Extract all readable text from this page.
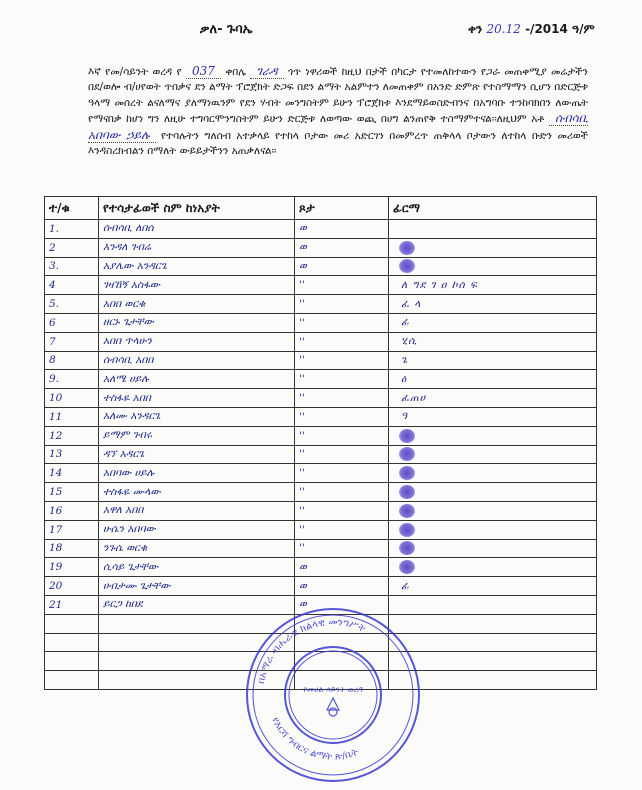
ቃለ- ጉባኤ	ቀን 20.12 -/2014 ዓ/ም
እኛ የመ/ሳይንት ወረዳ የ 037 ቀበሌ ገራዳ ጎጥ ነዋሪወች ከዚህ በታች በካርታ የተመለከተውን የጋራ መጠቀሚያ መሬታችን በደ/ወሎ ብ/ሀየወት ጥበቃና ደን ልማት ፕሮጀክት ድጋፍ በደን ልማት አልምተን ለመጠቀም በአንድ ድምጽ የተስማማን ሲሆን በድርጅቱ ዓላማ መሰረት ልናለማና ያለማነዉንም የደን ሃብት መንግስትም ይሁን ፕሮጀክቱ እንደማይወስድብንና በአግባቡ ተንከባክበን ለውጤት የማናበቃ ከሆነ ግን ለዚሁ ተግባርሞንግስትም ይሁን ድርጅቱ ለወጣው ወጪ በሀግ ልንጠየቅ ተስማምተናል፡፡ለዚህም አቶ ሰብሳቢ አበባው ኃይሉ የተባሉትን ግለሰብ አተቃላይ የተከላ ቦታው መሪ አድርገን በመምረጥ ጠቅላላ ቦታውን ለተከላ ቡድን መሪወች እንዳስረክብልን በማለት ውይይታችንን አጠቃለናል፡፡
ተ/ቁ	የተሳታፊወች ስም ከነአያት	ጾታ	ፊርማ
1.	ሰብሳቢ ለበሰ	ወ	
2	እንዳለ ገብሬ	ወ	
3.	አያሌው አንዳርጌ	ወ	
4	ገዛኸኝ አስፋው	''	ለ ግደ ገ ዐ ኮሰ ፍ
5.	አበበ ወርቁ	''	ፈ ላ
6	ዘርኑ ጌታቸው	''	ፊ
7	አበበ ጥላሁን	''	ሂሲ
8	ሰብሳቢ አበበ	''	ጌ
9.	አለሜ ሀይሉ	''	ዕ
10	ተስፋዬ አበበ	''	ፈጠሀ
11	አለሙ አንዳርጌ	''	ዓ
12	ይማም ገብሩ	''	
13	ዳኘ አዳርጌ	''	
14	አበባው ሀይሉ	''	
15	ተስፋዬ ሙላው	''	
16	አዋለ አበበ	''	
17	ሁሴን አበባው	''	
18	ንጉሴ ወርቁ	''	
19	ሲሳይ ጌታቸው	ወ	
20	ሀብታሙ ጌታቸው	ወ	ፊ
21	ይርጋ ከበደ	ወ	

በአማራ ብሔራዊ ክልላዊ መንግሥት
የእርሻ ግብርና ልማት ጽ/ቤት
የመሀል ሳይንት ወረዳ
